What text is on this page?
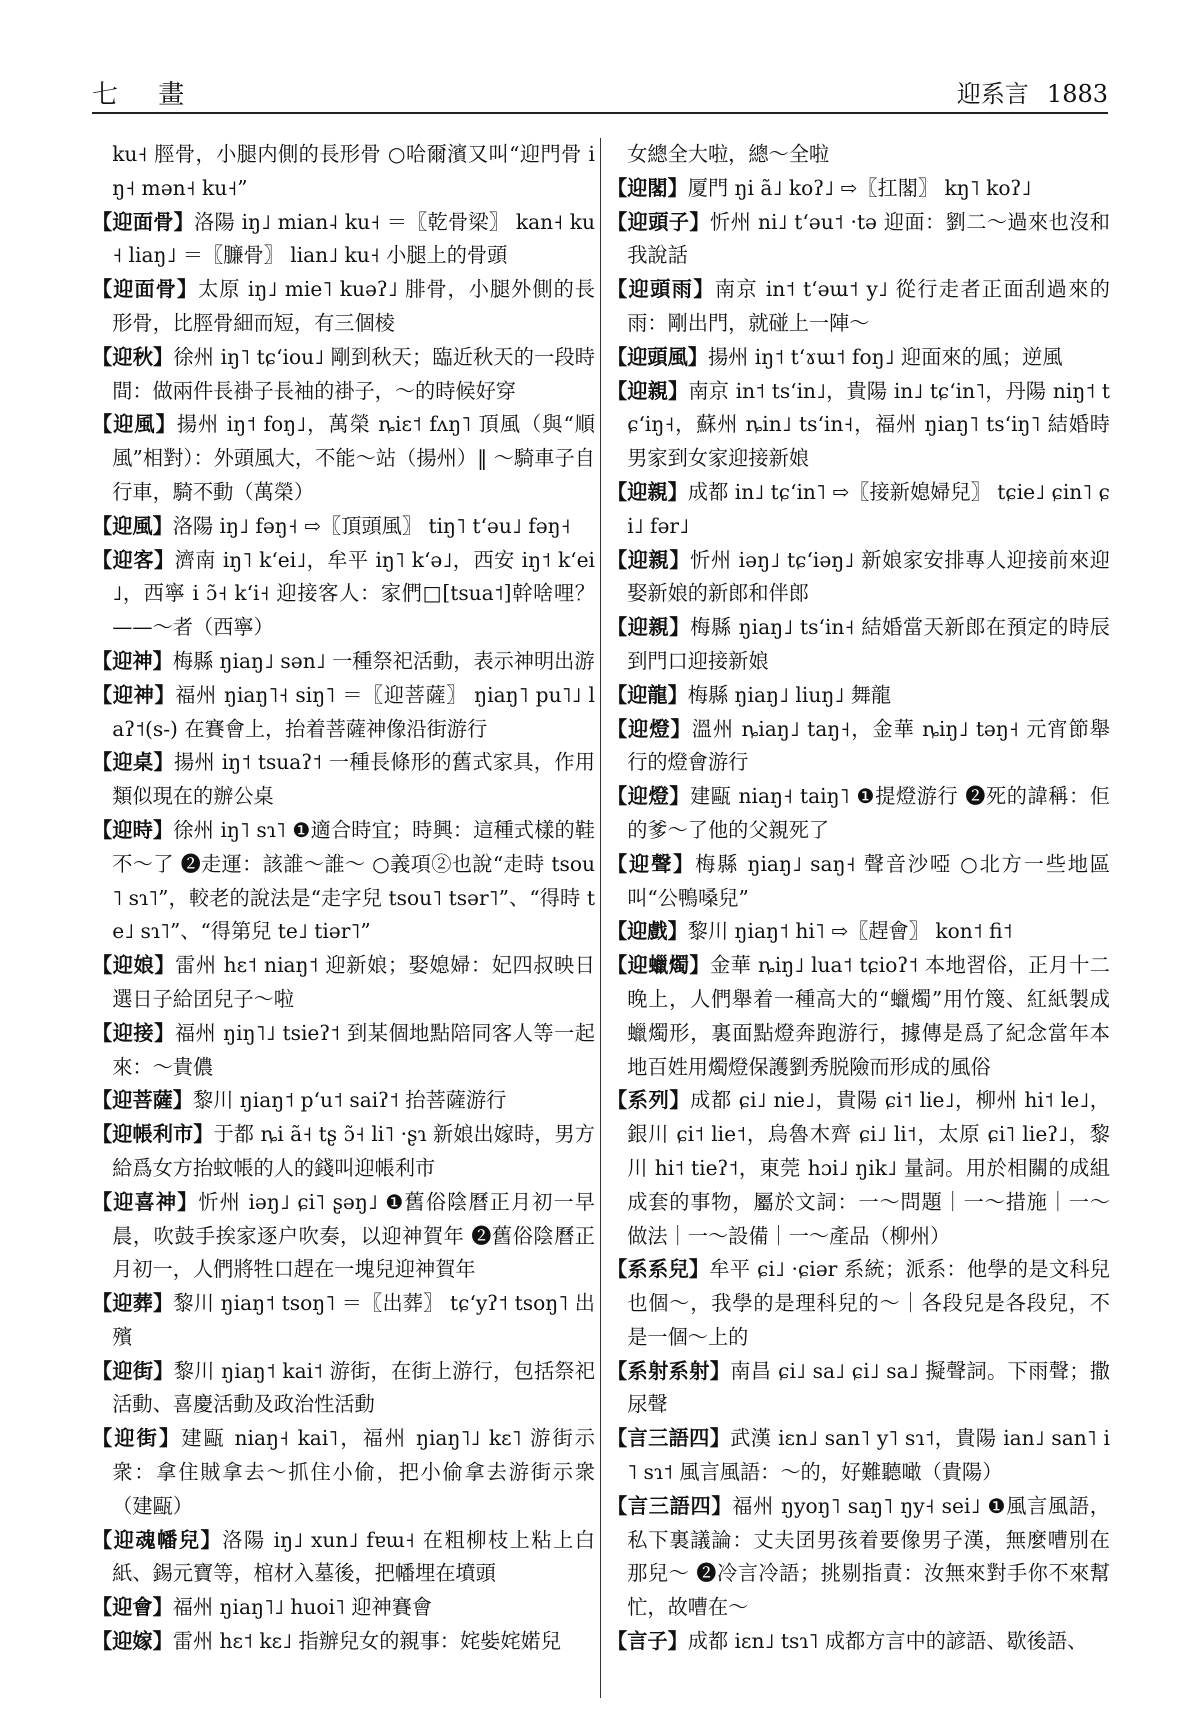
七 畫	迎系言 1883

ku˧ 脛骨，小腿内側的長形骨 ○哈爾濱又叫“迎門骨 iŋ˧ mən˧ ku˧”

【迎面骨】洛陽 iŋ˩ mian˨ ku˧ ＝〖乾骨梁〗 kan˧ ku˧ liaŋ˩ ＝〖臁骨〗 lian˩ ku˧ 小腿上的骨頭

【迎面骨】太原 iŋ˩ mie˥ kuəʔ˩ 腓骨，小腿外側的長形骨，比脛骨細而短，有三個棱

【迎秋】徐州 iŋ˥ tɕʻiou˩ 剛到秋天；臨近秋天的一段時間：做兩件長褂子長袖的褂子，～的時候好穿

【迎風】揚州 iŋ˦ foŋ˩，萬榮 ȵiɛ˦ fʌŋ˥ 頂風（與“順風”相對）：外頭風大，不能～站（揚州）‖ ～騎車子自行車，騎不動（萬榮）

【迎風】洛陽 iŋ˩ fəŋ˧ ⇨〖頂頭風〗 tiŋ˥ tʻəu˩ fəŋ˧

【迎客】濟南 iŋ˥ kʻei˩，牟平 iŋ˥ kʻə˩，西安 iŋ˦ kʻei˩，西寧 i ɔ̃˧ kʻi˧ 迎接客人：家們□[tsua˦]幹啥哩？——～者（西寧）

【迎神】梅縣 ŋiaŋ˩ sən˩ 一種祭祀活動，表示神明出游

【迎神】福州 ŋiaŋ˥˧ siŋ˥ ＝〖迎菩薩〗 ŋiaŋ˥ pu˥˩ laʔ˦(s-) 在賽會上，抬着菩薩神像沿街游行

【迎桌】揚州 iŋ˦ tsuaʔ˦ 一種長條形的舊式家具，作用類似現在的辦公桌

【迎時】徐州 iŋ˥ sɿ˥ ❶適合時宜；時興：這種式樣的鞋不～了 ❷走運：該誰～誰～ ○義項②也說“走時 tsou˥ sɿ˥”，較老的說法是“走字兒 tsou˥ tsər˥”、“得時 te˩ sɿ˥”、“得第兒 te˩ tiər˥”

【迎娘】雷州 hɛ˦ niaŋ˦ 迎新娘；娶媳婦：妃四叔映日選日子給囝兒子～啦

【迎接】福州 ŋiŋ˥˩ tsieʔ˦ 到某個地點陪同客人等一起來：～貴儂

【迎菩薩】黎川 ŋiaŋ˦ pʻu˦ saiʔ˦ 抬菩薩游行

【迎帳利市】于都 ȵi ã˧ tʂ ɔ̃˧ li˥ ·ʂɿ 新娘出嫁時，男方給爲女方抬蚊帳的人的錢叫迎帳利市

【迎喜神】忻州 iəŋ˩ ɕi˥ ʂəŋ˩ ❶舊俗陰曆正月初一早晨，吹鼓手挨家逐户吹奏，以迎神賀年 ❷舊俗陰曆正月初一，人們將牲口趕在一塊兒迎神賀年

【迎葬】黎川 ŋiaŋ˦ tsoŋ˥ ＝〖出葬〗 tɕʻyʔ˦ tsoŋ˥ 出殯

【迎街】黎川 ŋiaŋ˦ kai˦ 游街，在街上游行，包括祭祀活動、喜慶活動及政治性活動

【迎街】建甌 niaŋ˧ kai˥，福州 ŋiaŋ˥˩ kɛ˥ 游街示衆：拿住賊拿去～抓住小偷，把小偷拿去游街示衆（建甌）

【迎魂幡兒】洛陽 iŋ˩ xun˩ fɐɯ˧ 在粗柳枝上粘上白紙、錫元寶等，棺材入墓後，把幡埋在墳頭

【迎會】福州 ŋiaŋ˥˩ huoi˥ 迎神賽會

【迎嫁】雷州 hɛ˦ kɛ˩ 指辦兒女的親事：姹姕姹婼兒

女總全大啦，總～全啦

【迎閣】厦門 ŋi ã˩ koʔ˩ ⇨〖扛閣〗 kŋ˥ koʔ˩

【迎頭子】忻州 ni˩ tʻəu˦ ·tə 迎面：劉二～過來也沒和我說話

【迎頭雨】南京 in˦ tʻəɯ˦ y˩ 從行走者正面刮過來的雨：剛出門，就碰上一陣～

【迎頭風】揚州 iŋ˦ tʻɤɯ˦ foŋ˩ 迎面來的風；逆風

【迎親】南京 in˦ tsʻin˩，貴陽 in˩ tɕʻin˥，丹陽 niŋ˦ tɕʻiŋ˧，蘇州 ȵin˩ tsʻin˧，福州 ŋiaŋ˥ tsʻiŋ˥ 結婚時男家到女家迎接新娘

【迎親】成都 in˩ tɕʻin˥ ⇨〖接新媳婦兒〗 tɕie˩ ɕin˥ ɕi˩ fər˩

【迎親】忻州 iəŋ˩ tɕʻiəŋ˩ 新娘家安排專人迎接前來迎娶新娘的新郎和伴郎

【迎親】梅縣 ŋiaŋ˩ tsʻin˧ 結婚當天新郎在預定的時辰到門口迎接新娘

【迎龍】梅縣 ŋiaŋ˩ liuŋ˩ 舞龍

【迎燈】溫州 ȵiaŋ˩ taŋ˧，金華 ȵiŋ˩ təŋ˧ 元宵節舉行的燈會游行

【迎燈】建甌 niaŋ˧ taiŋ˥ ❶提燈游行 ❷死的諱稱：佢的爹～了他的父親死了

【迎聲】梅縣 ŋiaŋ˩ saŋ˧ 聲音沙啞 ○北方一些地區叫“公鴨嗓兒”

【迎戲】黎川 ŋiaŋ˦ hi˥ ⇨〖趕會〗 kon˦ fi˦

【迎蠟燭】金華 ȵiŋ˩ lua˦ tɕioʔ˦ 本地習俗，正月十二晚上，人們舉着一種高大的“蠟燭”用竹篾、紅紙製成蠟燭形，裏面點燈奔跑游行，據傳是爲了紀念當年本地百姓用燭燈保護劉秀脱險而形成的風俗

【系列】成都 ɕi˩ nie˩，貴陽 ɕi˦ lie˩，柳州 hi˦ le˩，銀川 ɕi˦ lie˦，烏魯木齊 ɕi˩ li˦，太原 ɕi˥ lieʔ˩，黎川 hi˦ tieʔ˦，東莞 hɔi˩ ŋik˩ 量詞。用於相關的成組成套的事物，屬於文詞：一～問題｜一～措施｜一～做法｜一～設備｜一～產品（柳州）

【系系兒】牟平 ɕi˩ ·ɕiər 系統；派系：他學的是文科兒也個～，我學的是理科兒的～｜各段兒是各段兒，不是一個～上的

【系射系射】南昌 ɕi˩ sa˩ ɕi˩ sa˩ 擬聲詞。下雨聲；撒尿聲

【言三語四】武漢 iɛn˩ san˥ y˥ sɿ˦，貴陽 ian˩ san˥ i˥ sɿ˦ 風言風語：～的，好難聽噉（貴陽）

【言三語四】福州 ŋyoŋ˥ saŋ˥ ŋy˧ sei˩ ❶風言風語，私下裏議論：丈夫囝男孩着要像男子漢，無麼嘈別在那兒～ ❷冷言冷語；挑剔指責：汝無來對手你不來幫忙，故嘈在～

【言子】成都 iɛn˩ tsɿ˥ 成都方言中的諺語、歇後語、
